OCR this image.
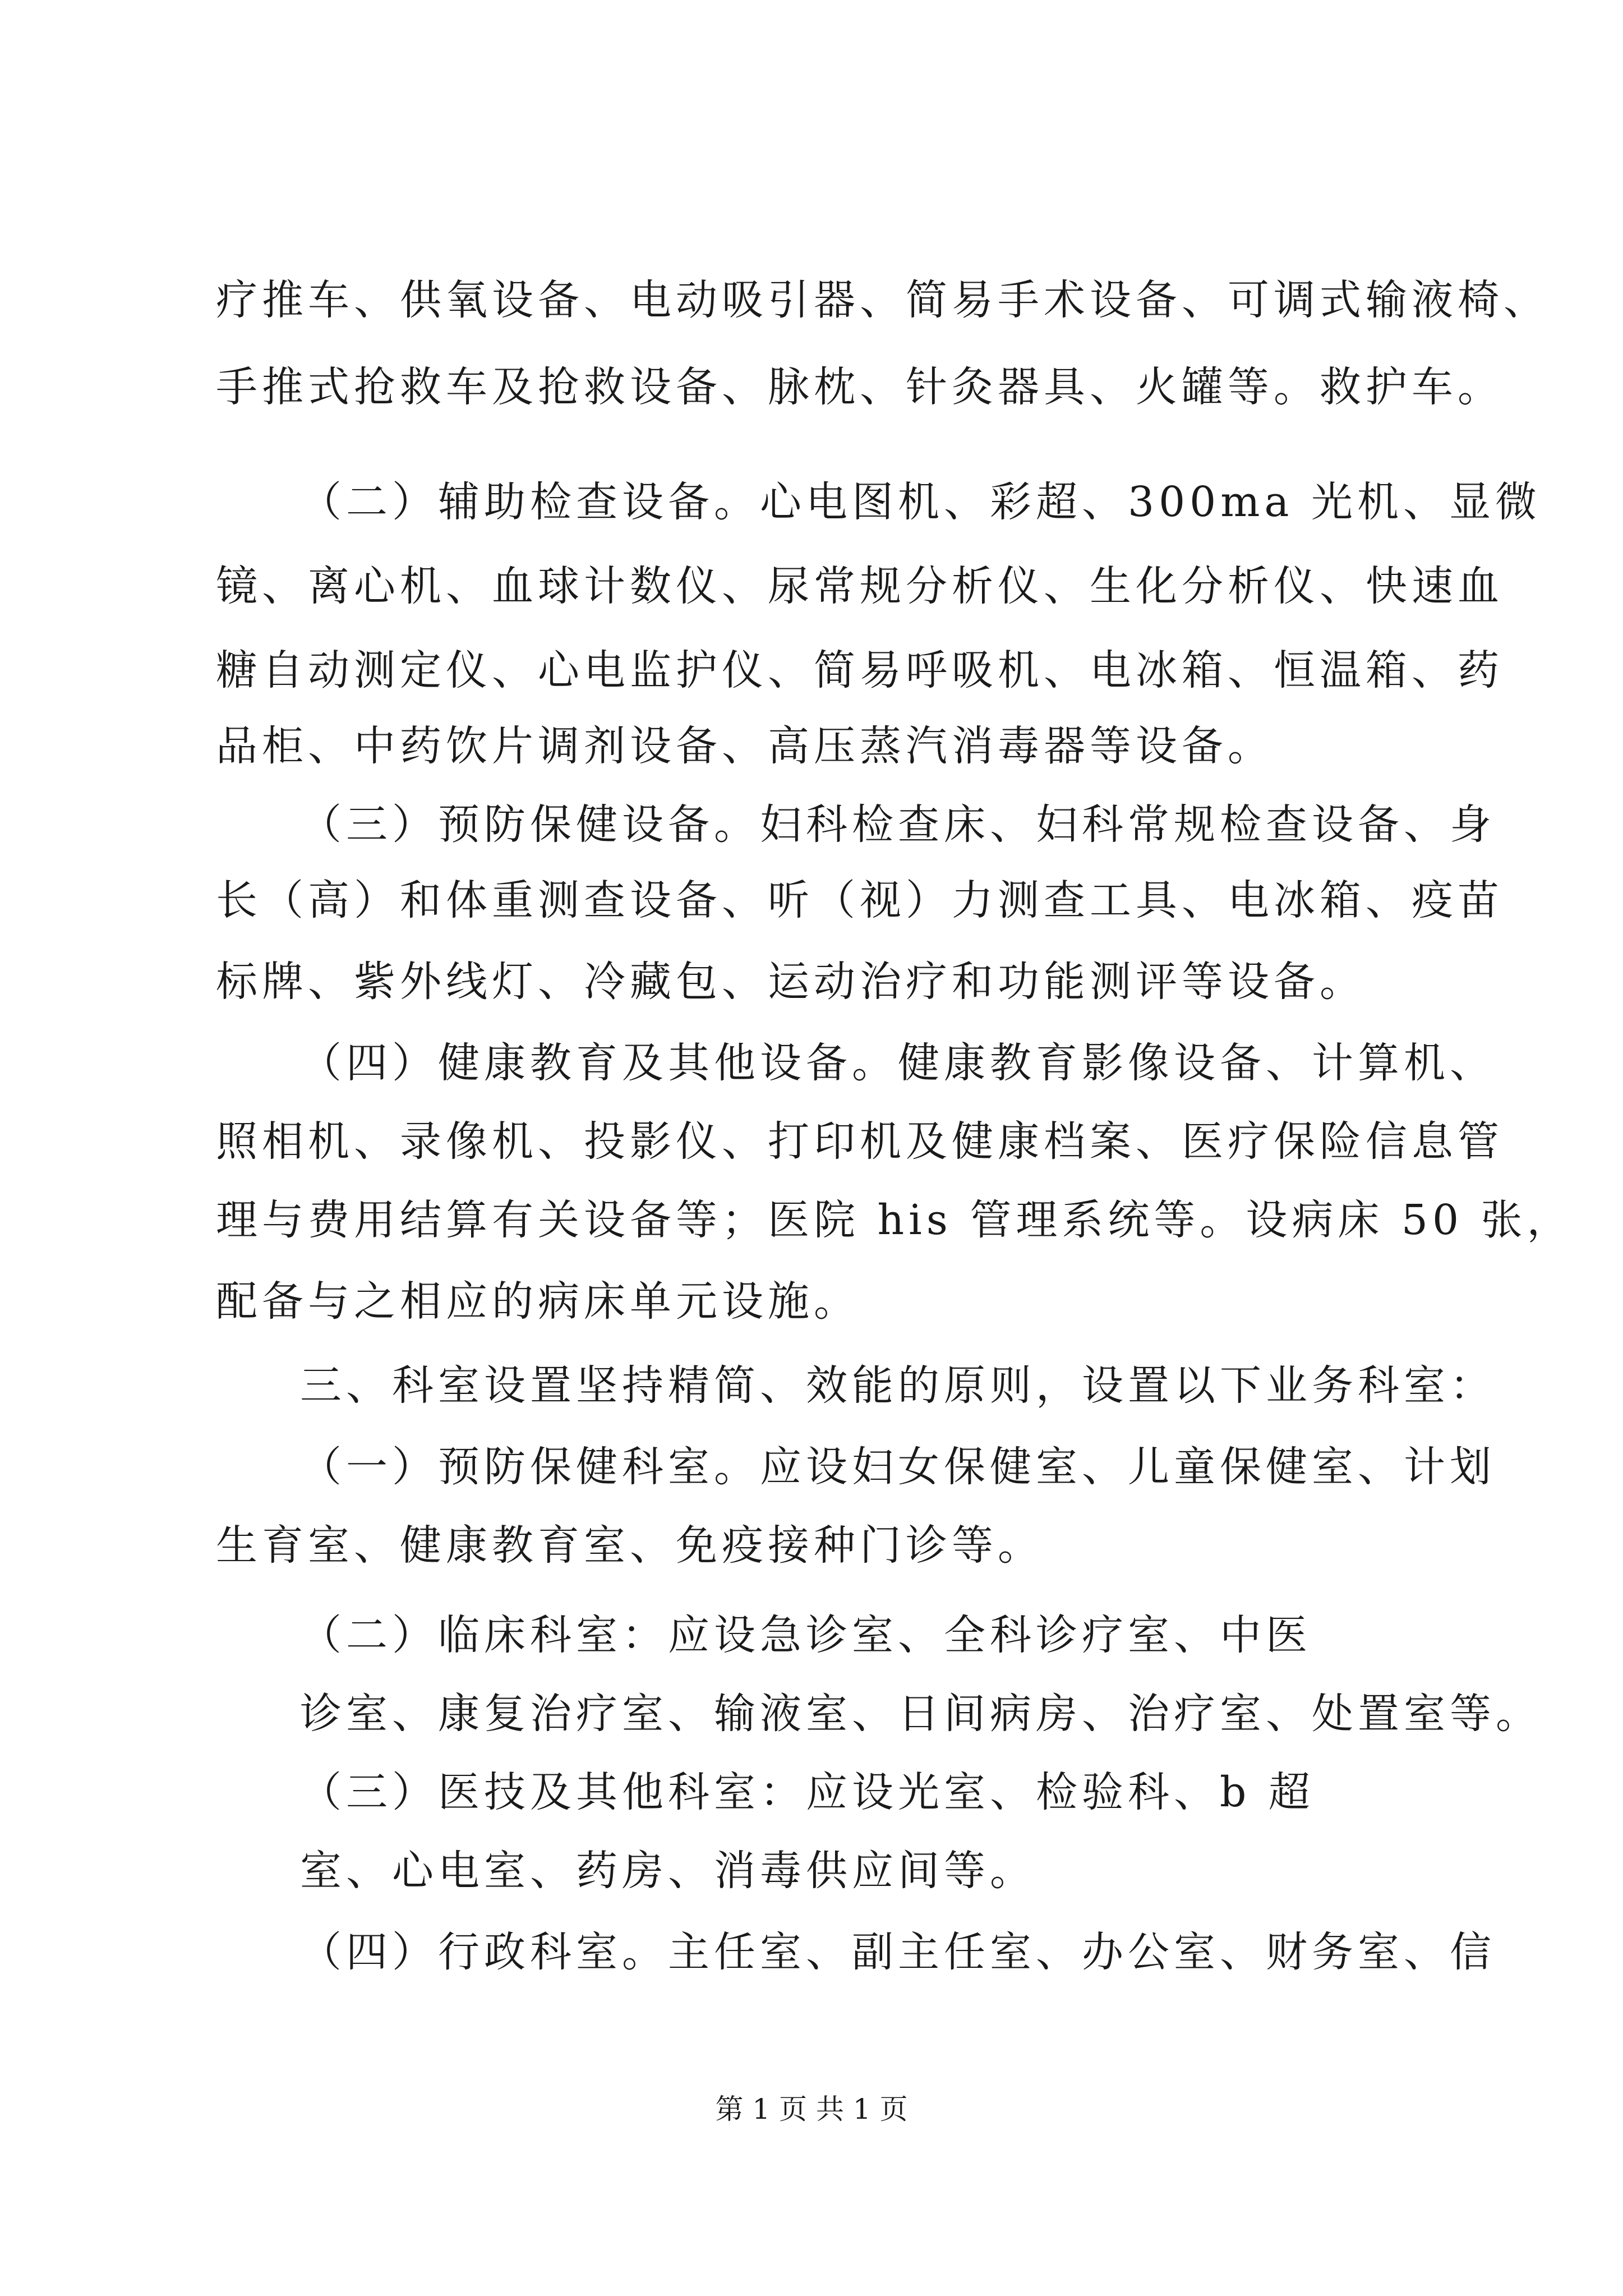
疗推车、供氧设备、电动吸引器、简易手术设备、可调式输液椅、
手推式抢救车及抢救设备、脉枕、针灸器具、火罐等。救护车。
（二）辅助检查设备。心电图机、彩超、300ma 光机、显微
镜、离心机、血球计数仪、尿常规分析仪、生化分析仪、快速血
糖自动测定仪、心电监护仪、简易呼吸机、电冰箱、恒温箱、药
品柜、中药饮片调剂设备、高压蒸汽消毒器等设备。
（三）预防保健设备。妇科检查床、妇科常规检查设备、身
长（高）和体重测查设备、听（视）力测查工具、电冰箱、疫苗
标牌、紫外线灯、冷藏包、运动治疗和功能测评等设备。
（四）健康教育及其他设备。健康教育影像设备、计算机、
照相机、录像机、投影仪、打印机及健康档案、医疗保险信息管
理与费用结算有关设备等；医院 his 管理系统等。设病床 50 张，
配备与之相应的病床单元设施。
三、科室设置坚持精简、效能的原则，设置以下业务科室：
（一）预防保健科室。应设妇女保健室、儿童保健室、计划
生育室、健康教育室、免疫接种门诊等。
（二）临床科室：应设急诊室、全科诊疗室、中医
诊室、康复治疗室、输液室、日间病房、治疗室、处置室等。
（三）医技及其他科室：应设光室、检验科、b 超
室、心电室、药房、消毒供应间等。
（四）行政科室。主任室、副主任室、办公室、财务室、信
第 1 页 共 1 页
